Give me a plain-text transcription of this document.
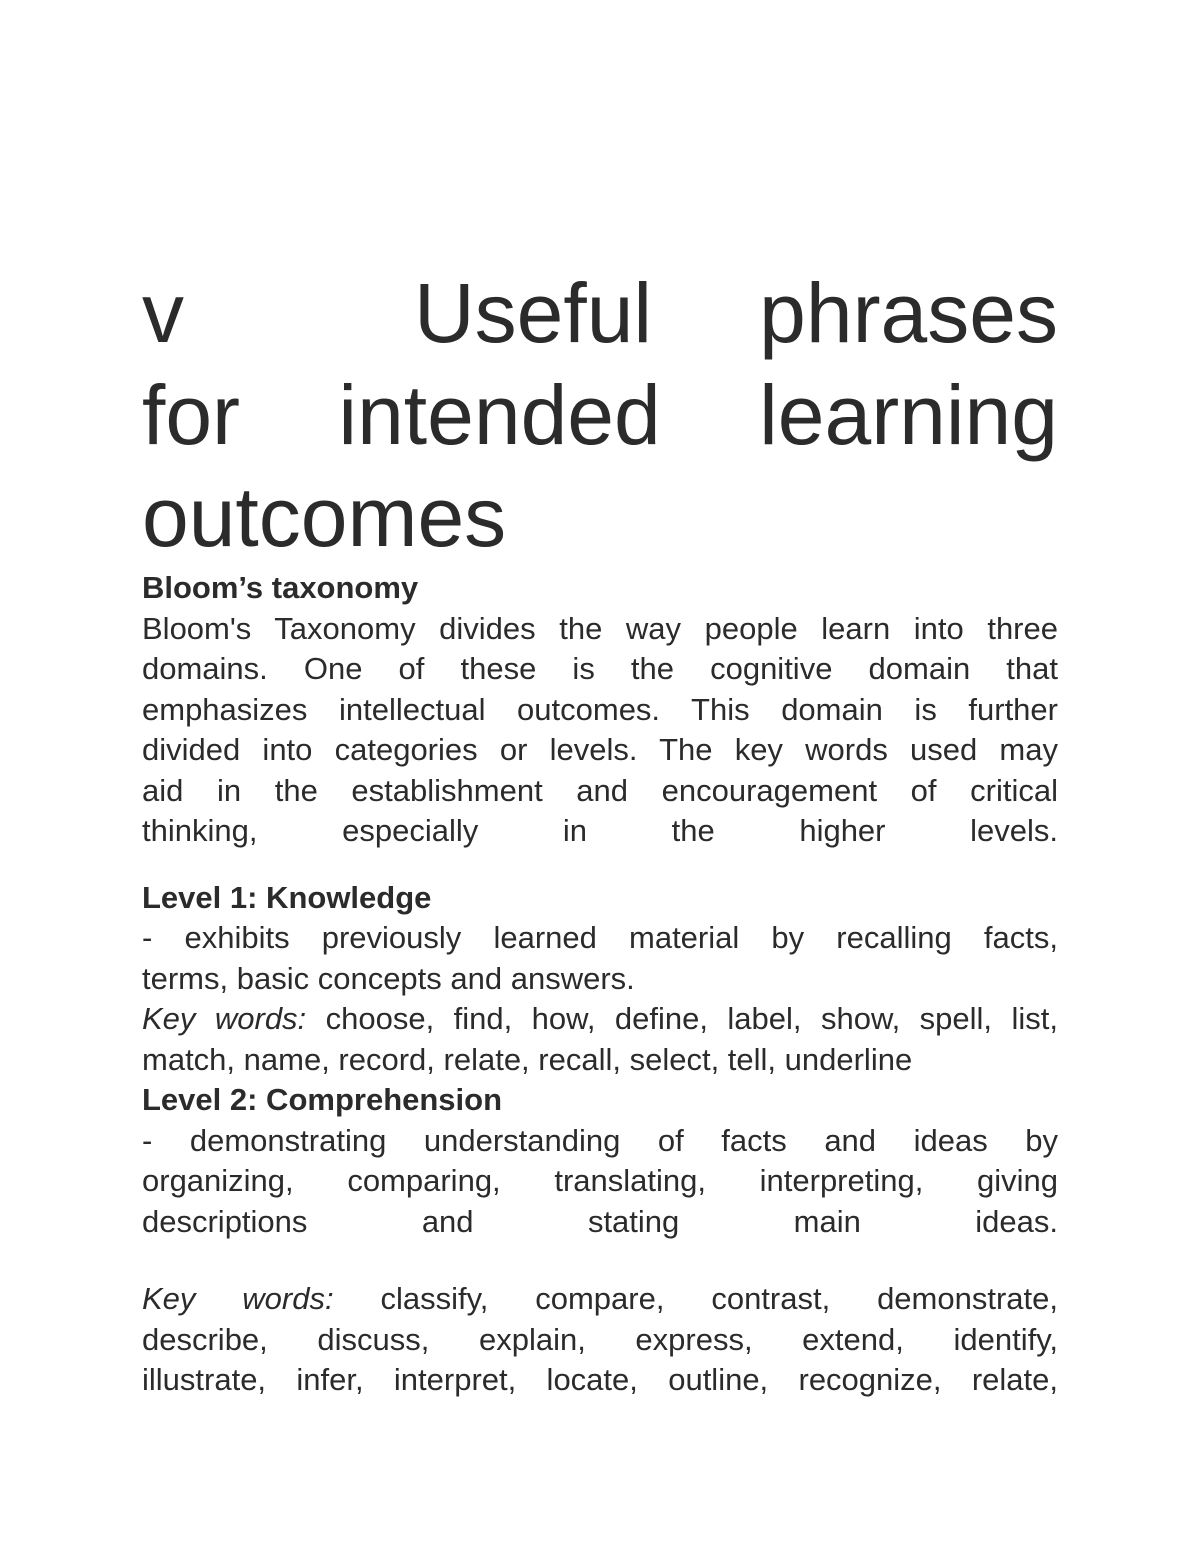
v	Useful phrases
for intended learning
outcomes
Bloom’s taxonomy
Bloom's Taxonomy divides the way people learn into three
domains. One of these is the cognitive domain that
emphasizes intellectual outcomes. This domain is further
divided into categories or levels. The key words used may
aid in the establishment and encouragement of critical
thinking, especially in the higher levels.
Level 1: Knowledge
- exhibits previously learned material by recalling facts,
terms, basic concepts and answers.
Key words: choose, find, how, define, label, show, spell, list,
match, name, record, relate, recall, select, tell, underline
Level 2: Comprehension
- demonstrating understanding of facts and ideas by
organizing, comparing, translating, interpreting, giving
descriptions and stating main ideas.
Key words: classify, compare, contrast, demonstrate,
describe, discuss, explain, express, extend, identify,
illustrate, infer, interpret, locate, outline, recognize, relate,
